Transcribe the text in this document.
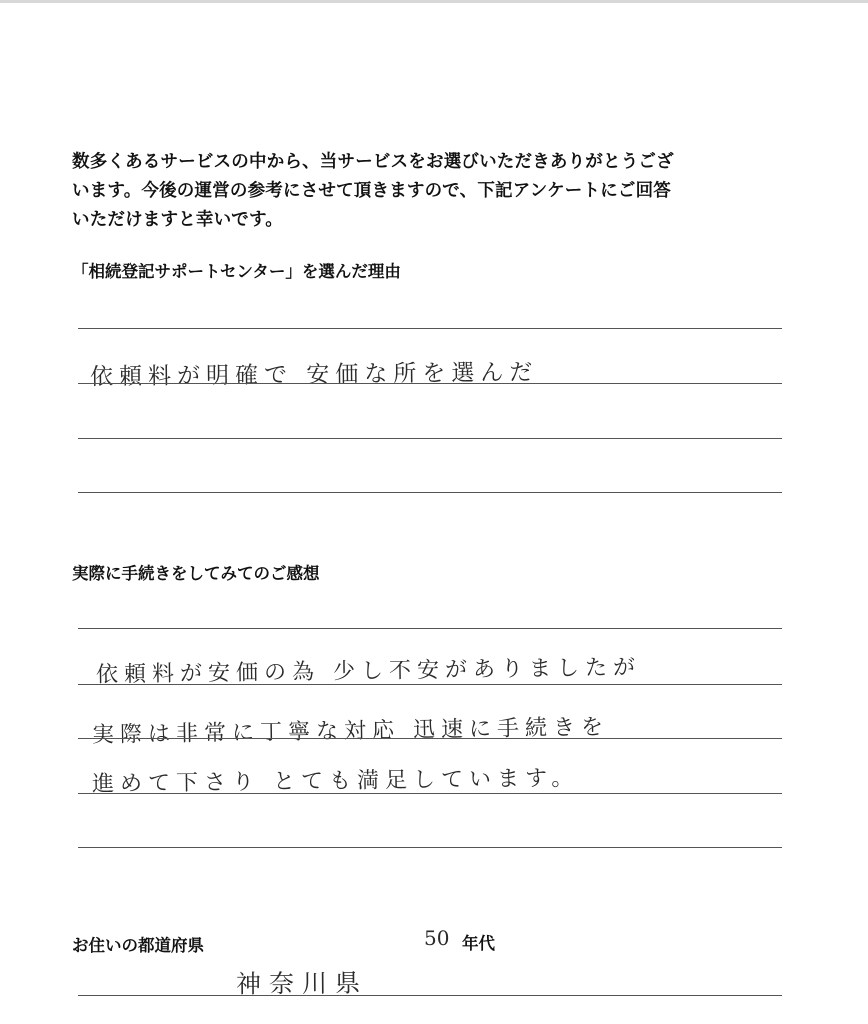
数多くあるサービスの中から、当サービスをお選びいただきありがとうござ

います。今後の運営の参考にさせて頂きますので、下記アンケートにご回答

いただけますと幸いです。

「相続登記サポートセンター」を選んだ理由
依頼料が明確で 安価な所を選んだ
実際に手続きをしてみてのご感想
依頼料が安価の為 少し不安がありましたが
実際は非常に丁寧な対応 迅速に手続きを
進めて下さり とても満足しています。
お住いの都道府県	50 年代
神奈川県
